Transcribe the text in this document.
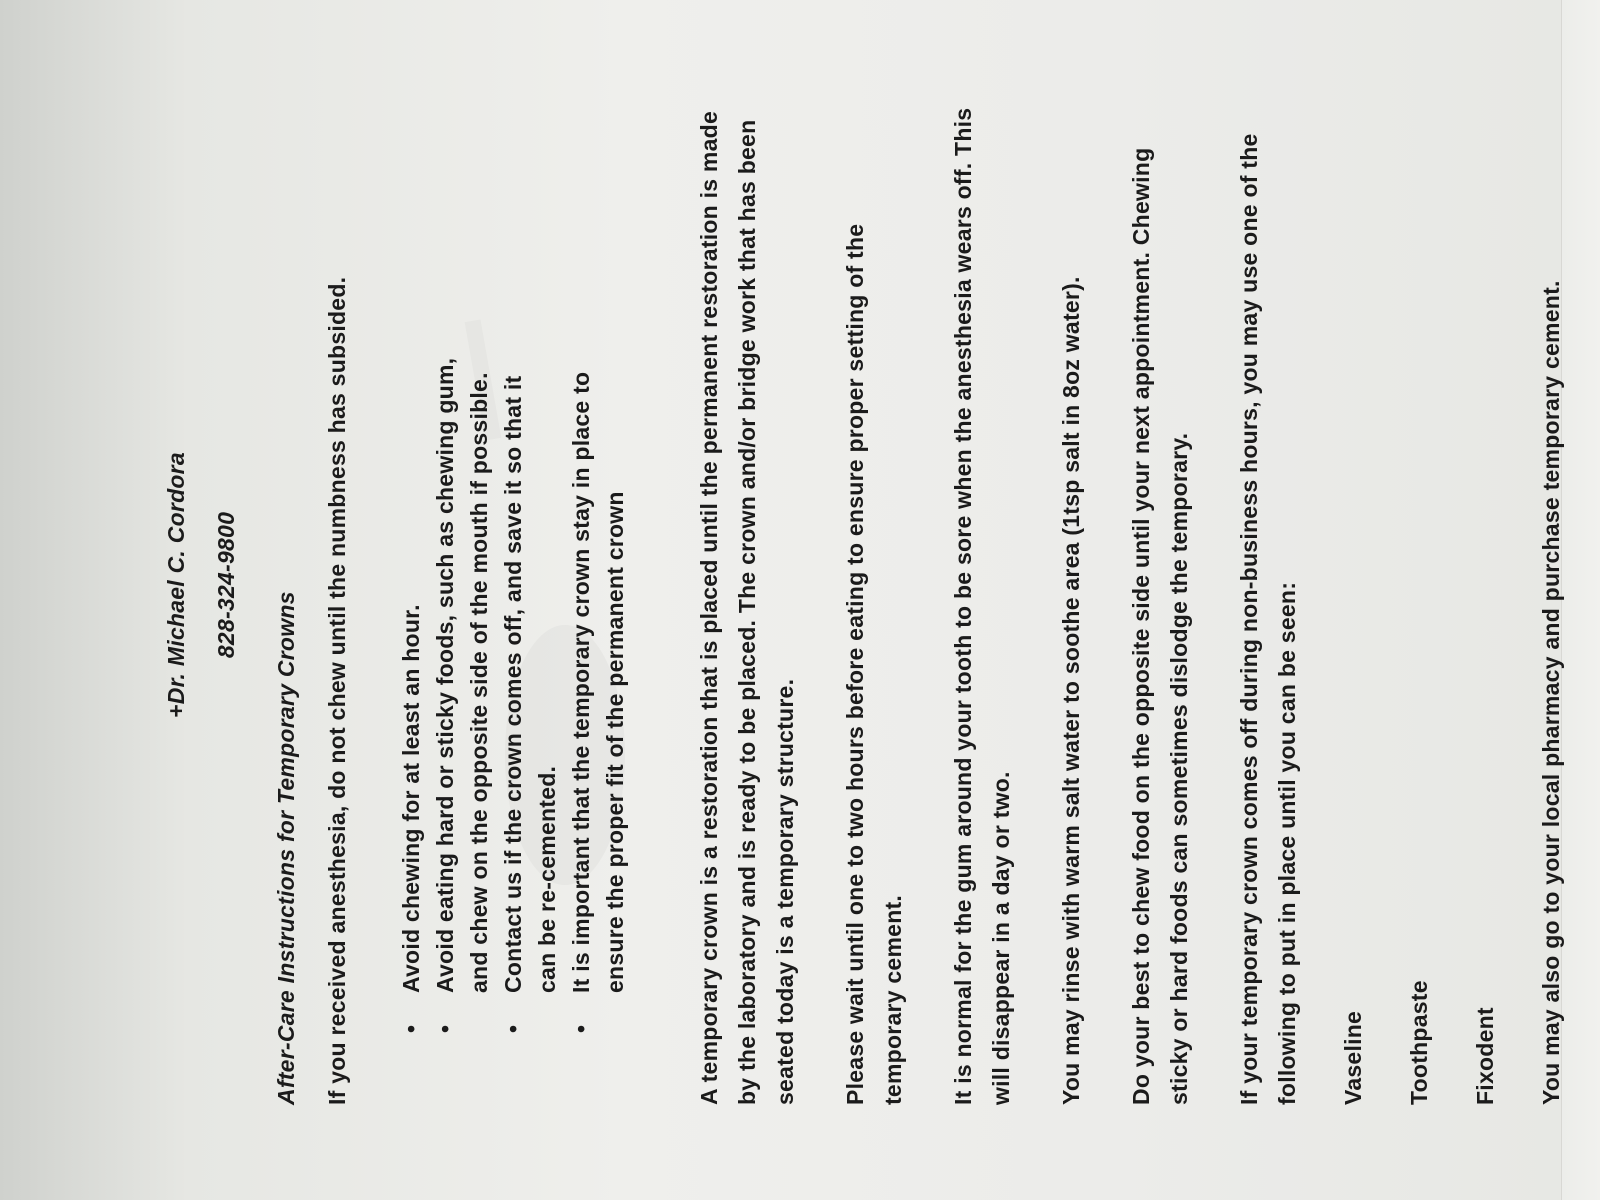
+Dr. Michael C. Cordora 828-324-9800
After-Care Instructions for Temporary Crowns If you received anesthesia, do not chew until the numbness has subsided. • Avoid chewing for at least an hour. • Avoid eating hard or sticky foods, such as chewing gum, and chew on the opposite side of the mouth if possible. • Contact us if the crown comes off, and save it so that it can be re-cemented. • It is important that the temporary crown stay in place to ensure the proper fit of the permanent crown	A temporary crown is a restoration that is placed until the permanent restoration is made by the laboratory and is ready to be placed. The crown and/or bridge work that has been seated today is a temporary structure. Please wait until one to two hours before eating to ensure proper setting of the temporary cement. It is normal for the gum around your tooth to be sore when the anesthesia wears off. This will disappear in a day or two. You may rinse with warm salt water to soothe area (1tsp salt in 8oz water). Do your best to chew food on the opposite side until your next appointment. Chewing sticky or hard foods can sometimes dislodge the temporary. If your temporary crown comes off during non-business hours, you may use one of the following to put in place until you can be seen: Vaseline Toothpaste Fixodent You may also go to your local pharmacy and purchase temporary cement.
